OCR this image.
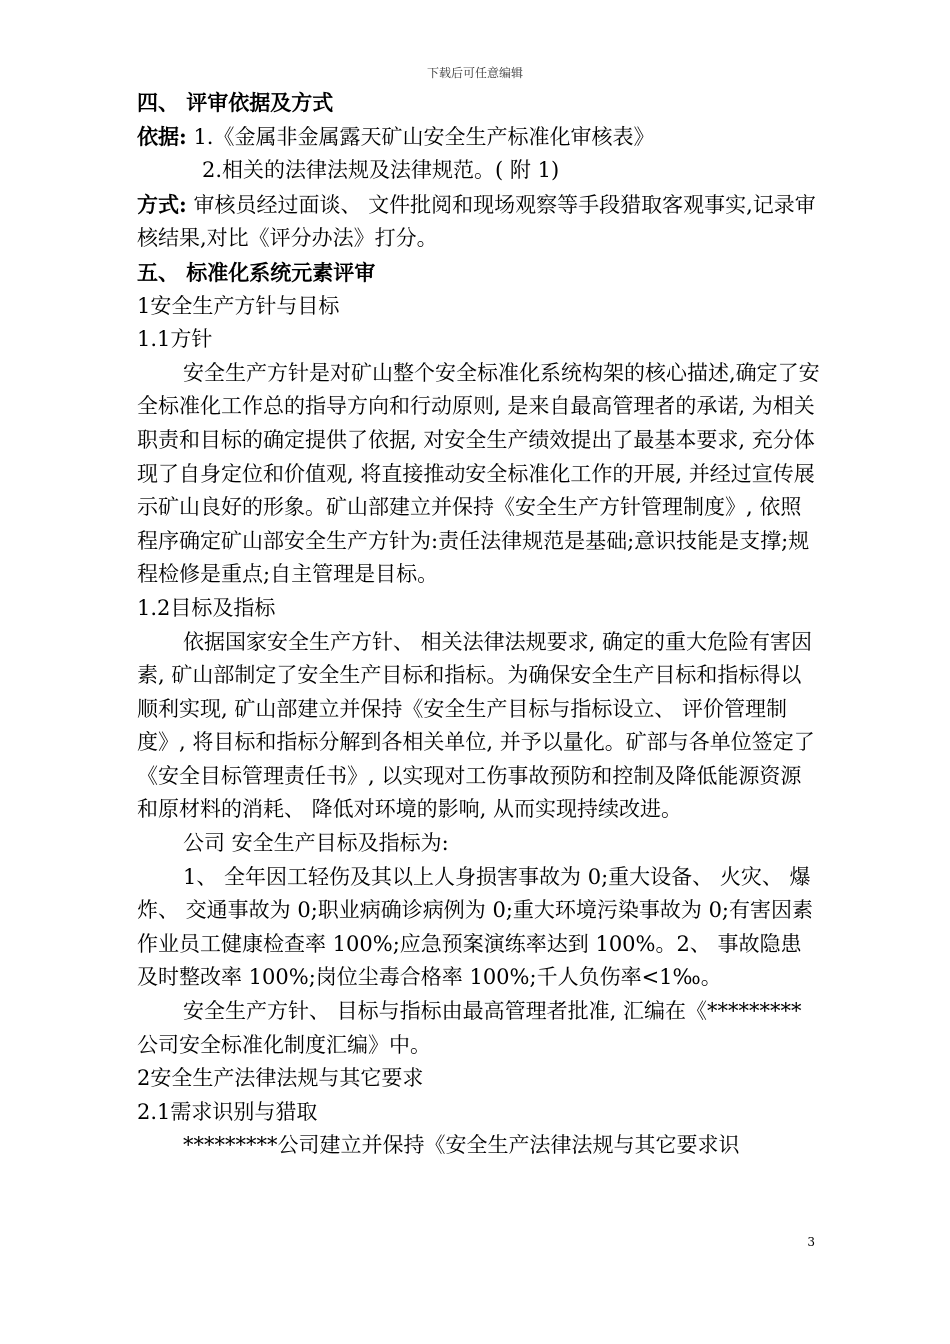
下载后可任意编辑

四、 评审依据及方式

依据: 1.《金属非金属露天矿山安全生产标准化审核表》

2.相关的法律法规及法律规范。( 附 1)

方式: 审核员经过面谈、 文件批阅和现场观察等手段猎取客观事实,记录审核结果,对比《评分办法》打分。

五、 标准化系统元素评审

1安全生产方针与目标

1.1方针

安全生产方针是对矿山整个安全标准化系统构架的核心描述,确定了安全标准化工作总的指导方向和行动原则, 是来自最高管理者的承诺, 为相关职责和目标的确定提供了依据, 对安全生产绩效提出了最基本要求, 充分体现了自身定位和价值观, 将直接推动安全标准化工作的开展, 并经过宣传展示矿山良好的形象。矿山部建立并保持《安全生产方针管理制度》, 依照程序确定矿山部安全生产方针为:责任法律规范是基础;意识技能是支撑;规程检修是重点;自主管理是目标。

1.2目标及指标

依据国家安全生产方针、 相关法律法规要求, 确定的重大危险有害因素, 矿山部制定了安全生产目标和指标。为确保安全生产目标和指标得以顺利实现, 矿山部建立并保持《安全生产目标与指标设立、 评价管理制度》, 将目标和指标分解到各相关单位, 并予以量化。矿部与各单位签定了《安全目标管理责任书》, 以实现对工伤事故预防和控制及降低能源资源和原材料的消耗、 降低对环境的影响, 从而实现持续改进。

公司 安全生产目标及指标为:

1、 全年因工轻伤及其以上人身损害事故为 0;重大设备、 火灾、 爆炸、 交通事故为 0;职业病确诊病例为 0;重大环境污染事故为 0;有害因素作业员工健康检查率 100%;应急预案演练率达到 100%。2、 事故隐患及时整改率 100%;岗位尘毒合格率 100%;千人负伤率<1‰。

安全生产方针、 目标与指标由最高管理者批准, 汇编在《*********公司安全标准化制度汇编》中。

2安全生产法律法规与其它要求

2.1需求识别与猎取

*********公司建立并保持《安全生产法律法规与其它要求识

3
